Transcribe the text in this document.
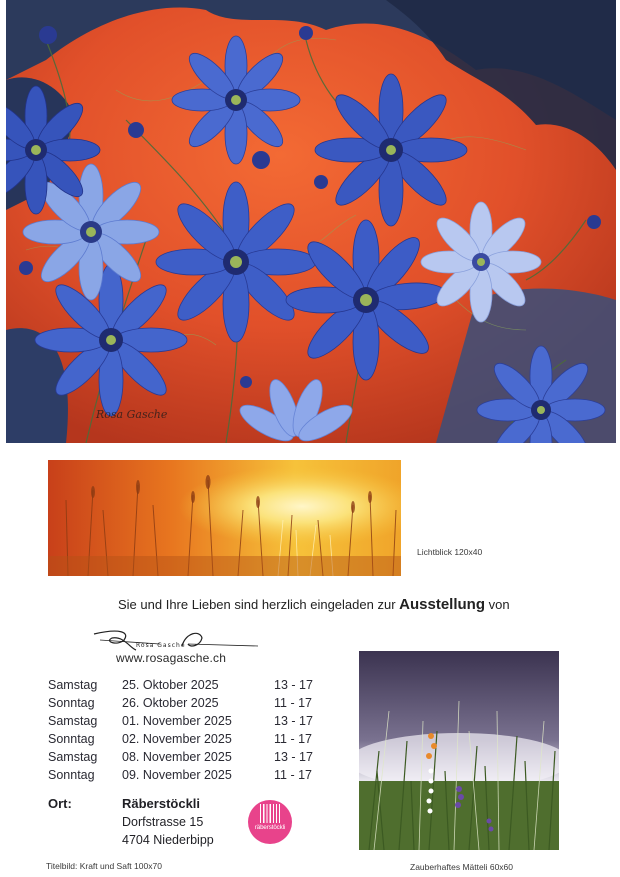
Rosa Gasche
Lichtblick 120x40
Sie und Ihre Lieben sind herzlich eingeladen zur Ausstellung von
Rosa Gasche
www.rosagasche.ch
Samstag 25. Oktober 2025	13 - 17
Sonntag 26. Oktober 2025	11 - 17
Samstag 01. November 2025	13 - 17
Sonntag 02. November 2025	11 - 17
Samstag 08. November 2025	13 - 17
Sonntag 09. November 2025	11 - 17
Ort:	Räberstöckli
Dorfstrasse 15
4704 Niederbipp
räberstöckli
Zauberhaftes Mätteli 60x60
Titelbild: Kraft und Saft 100x70
